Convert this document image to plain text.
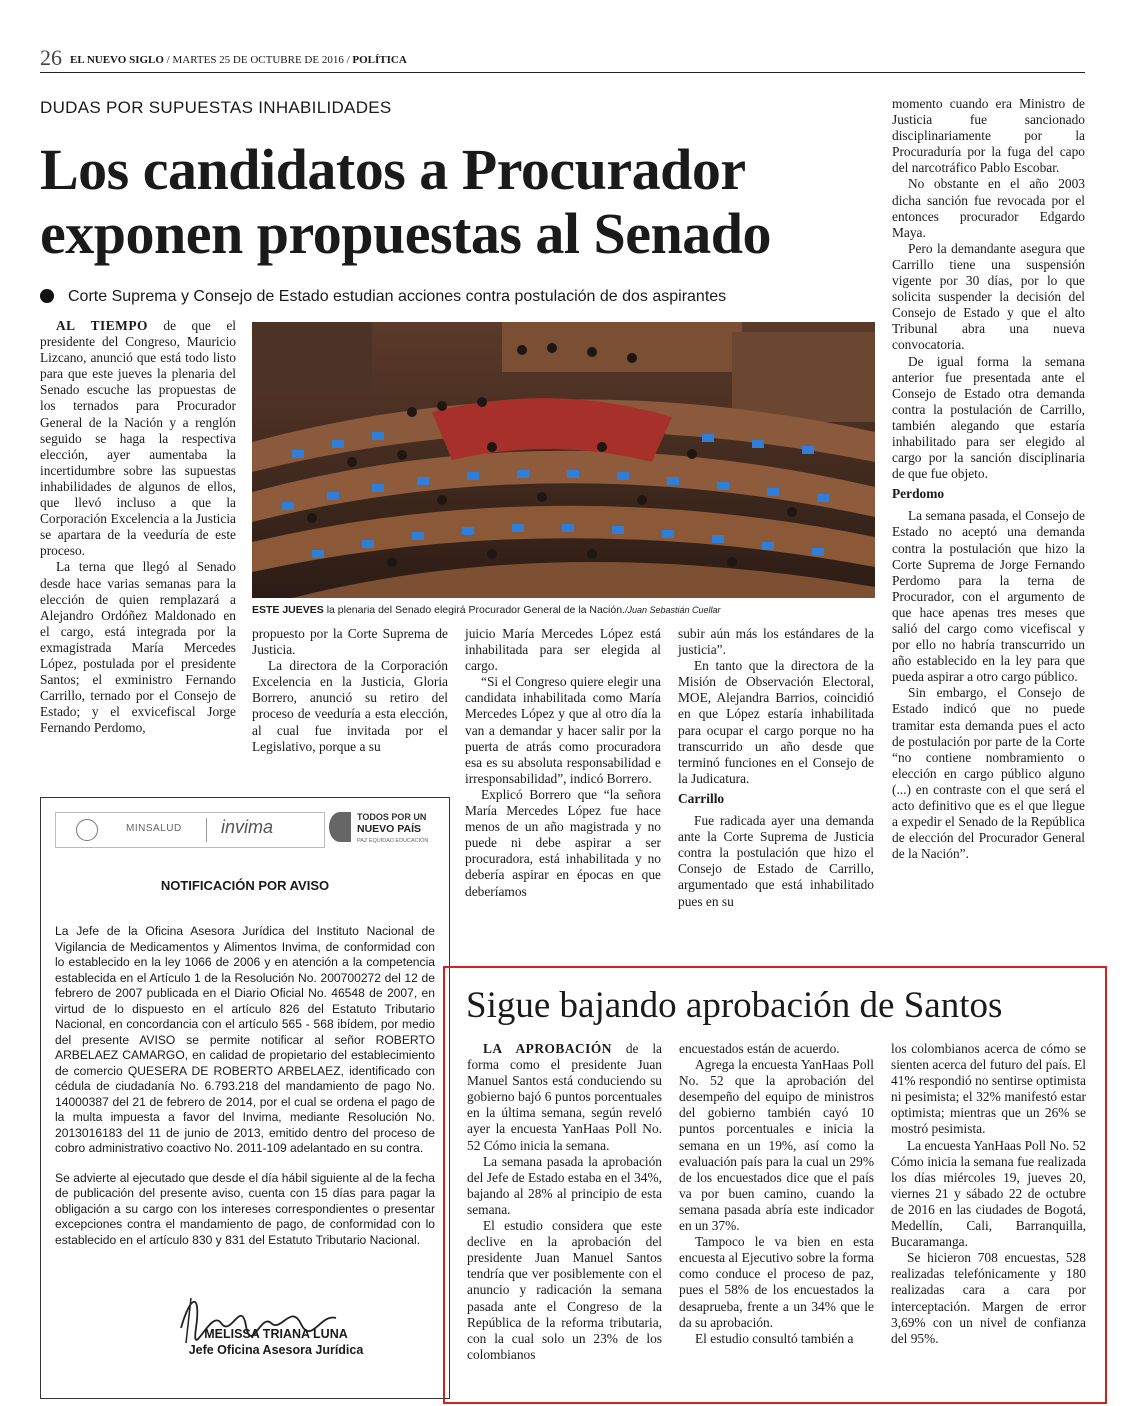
26 EL NUEVO SIGLO / MARTES 25 DE OCTUBRE DE 2016 / POLÍTICA
DUDAS POR SUPUESTAS INHABILIDADES
Los candidatos a Procurador exponen propuestas al Senado
Corte Suprema y Consejo de Estado estudian acciones contra postulación de dos aspirantes

AL TIEMPO de que el presidente del Congreso, Mauricio Lizcano, anunció que está todo listo para que este jueves la plenaria del Senado escuche las propuestas de los ternados para Procurador General de la Nación y a renglón seguido se haga la respectiva elección, ayer aumentaba la incertidumbre sobre las supuestas inhabilidades de algunos de ellos, que llevó incluso a que la Corporación Excelencia a la Justicia se apartara de la veeduría de este proceso.

La terna que llegó al Senado desde hace varias semanas para la elección de quien remplazará a Alejandro Ordóñez Maldonado en el cargo, está integrada por la exmagistrada María Mercedes López, postulada por el presidente Santos; el exministro Fernando Carrillo, ternado por el Consejo de Estado; y el exvicefiscal Jorge Fernando Perdomo,

ESTE JUEVES la plenaria del Senado elegirá Procurador General de la Nación./Juan Sebastián Cuellar

propuesto por la Corte Suprema de Justicia.

La directora de la Corporación Excelencia en la Justicia, Gloria Borrero, anunció su retiro del proceso de veeduría a esta elección, al cual fue invitada por el Legislativo, porque a su

juicio María Mercedes López está inhabilitada para ser elegida al cargo.

“Si el Congreso quiere elegir una candidata inhabilitada como María Mercedes López y que al otro día la van a demandar y hacer salir por la puerta de atrás como procuradora esa es su absoluta responsabilidad e irresponsabilidad”, indicó Borrero.

Explicó Borrero que “la señora María Mercedes López fue hace menos de un año magistrada y no puede ni debe aspirar a ser procuradora, está inhabilitada y no debería aspirar en épocas en que deberíamos

subir aún más los estándares de la justicia”.

En tanto que la directora de la Misión de Observación Electoral, MOE, Alejandra Barrios, coincidió en que López estaría inhabilitada para ocupar el cargo porque no ha transcurrido un año desde que terminó funciones en el Consejo de la Judicatura.

Carrillo

Fue radicada ayer una demanda ante la Corte Suprema de Justicia contra la postulación que hizo el Consejo de Estado de Carrillo, argumentado que está inhabilitado pues en su

momento cuando era Ministro de Justicia fue sancionado disciplinariamente por la Procuraduría por la fuga del capo del narcotráfico Pablo Escobar.

No obstante en el año 2003 dicha sanción fue revocada por el entonces procurador Edgardo Maya.

Pero la demandante asegura que Carrillo tiene una suspensión vigente por 30 días, por lo que solicita suspender la decisión del Consejo de Estado y que el alto Tribunal abra una nueva convocatoria.

De igual forma la semana anterior fue presentada ante el Consejo de Estado otra demanda contra la postulación de Carrillo, también alegando que estaría inhabilitado para ser elegido al cargo por la sanción disciplinaria de que fue objeto.

Perdomo

La semana pasada, el Consejo de Estado no aceptó una demanda contra la postulación que hizo la Corte Suprema de Jorge Fernando Perdomo para la terna de Procurador, con el argumento de que hace apenas tres meses que salió del cargo como vicefiscal y por ello no habría transcurrido un año establecido en la ley para que pueda aspirar a otro cargo público.

Sin embargo, el Consejo de Estado indicó que no puede tramitar esta demanda pues el acto de postulación por parte de la Corte “no contiene nombramiento o elección en cargo público alguno (...) en contraste con el que será el acto definitivo que es el que llegue a expedir el Senado de la República de elección del Procurador General de la Nación”.

MINSALUD invima	TODOS POR UN
NUEVO PAÍS
PAZ EQUIDAD EDUCACIÓN
NOTIFICACIÓN POR AVISO

La Jefe de la Oficina Asesora Jurídica del Instituto Nacional de Vigilancia de Medicamentos y Alimentos Invima, de conformidad con lo establecido en la ley 1066 de 2006 y en atención a la competencia establecida en el Artículo 1 de la Resolución No. 200700272 del 12 de febrero de 2007 publicada en el Diario Oficial No. 46548 de 2007, en virtud de lo dispuesto en el artículo 826 del Estatuto Tributario Nacional, en concordancia con el artículo 565 - 568 ibídem, por medio del presente AVISO se permite notificar al señor ROBERTO ARBELAEZ CAMARGO, en calidad de propietario del establecimiento de comercio QUESERA DE ROBERTO ARBELAEZ, identificado con cédula de ciudadanía No. 6.793.218 del mandamiento de pago No. 14000387 del 21 de febrero de 2014, por el cual se ordena el pago de la multa impuesta a favor del Invima, mediante Resolución No. 2013016183 del 11 de junio de 2013, emitido dentro del proceso de cobro administrativo coactivo No. 2011-109 adelantado en su contra.

Se advierte al ejecutado que desde el día hábil siguiente al de la fecha de publicación del presente aviso, cuenta con 15 días para pagar la obligación a su cargo con los intereses correspondientes o presentar excepciones contra el mandamiento de pago, de conformidad con lo establecido en el artículo 830 y 831 del Estatuto Tributario Nacional.

MELISSA TRIANA LUNA
Jefe Oficina Asesora Jurídica
Sigue bajando aprobación de Santos

LA APROBACIÓN de la forma como el presidente Juan Manuel Santos está conduciendo su gobierno bajó 6 puntos porcentuales en la última semana, según reveló ayer la encuesta YanHaas Poll No. 52 Cómo inicia la semana.

La semana pasada la aprobación del Jefe de Estado estaba en el 34%, bajando al 28% al principio de esta semana.

El estudio considera que este declive en la aprobación del presidente Juan Manuel Santos tendría que ver posiblemente con el anuncio y radicación la semana pasada ante el Congreso de la República de la reforma tributaria, con la cual solo un 23% de los colombianos

encuestados están de acuerdo.

Agrega la encuesta YanHaas Poll No. 52 que la aprobación del desempeño del equipo de ministros del gobierno también cayó 10 puntos porcentuales e inicia la semana en un 19%, así como la evaluación país para la cual un 29% de los encuestados dice que el país va por buen camino, cuando la semana pasada abría este indicador en un 37%.

Tampoco le va bien en esta encuesta al Ejecutivo sobre la forma como conduce el proceso de paz, pues el 58% de los encuestados la desaprueba, frente a un 34% que le da su aprobación.

El estudio consultó también a

los colombianos acerca de cómo se sienten acerca del futuro del país. El 41% respondió no sentirse optimista ni pesimista; el 32% manifestó estar optimista; mientras que un 26% se mostró pesimista.

La encuesta YanHaas Poll No. 52 Cómo inicia la semana fue realizada los días miércoles 19, jueves 20, viernes 21 y sábado 22 de octubre de 2016 en las ciudades de Bogotá, Medellín, Cali, Barranquilla, Bucaramanga.

Se hicieron 708 encuestas, 528 realizadas telefónicamente y 180 realizadas cara a cara por interceptación. Margen de error 3,69% con un nivel de confianza del 95%.
